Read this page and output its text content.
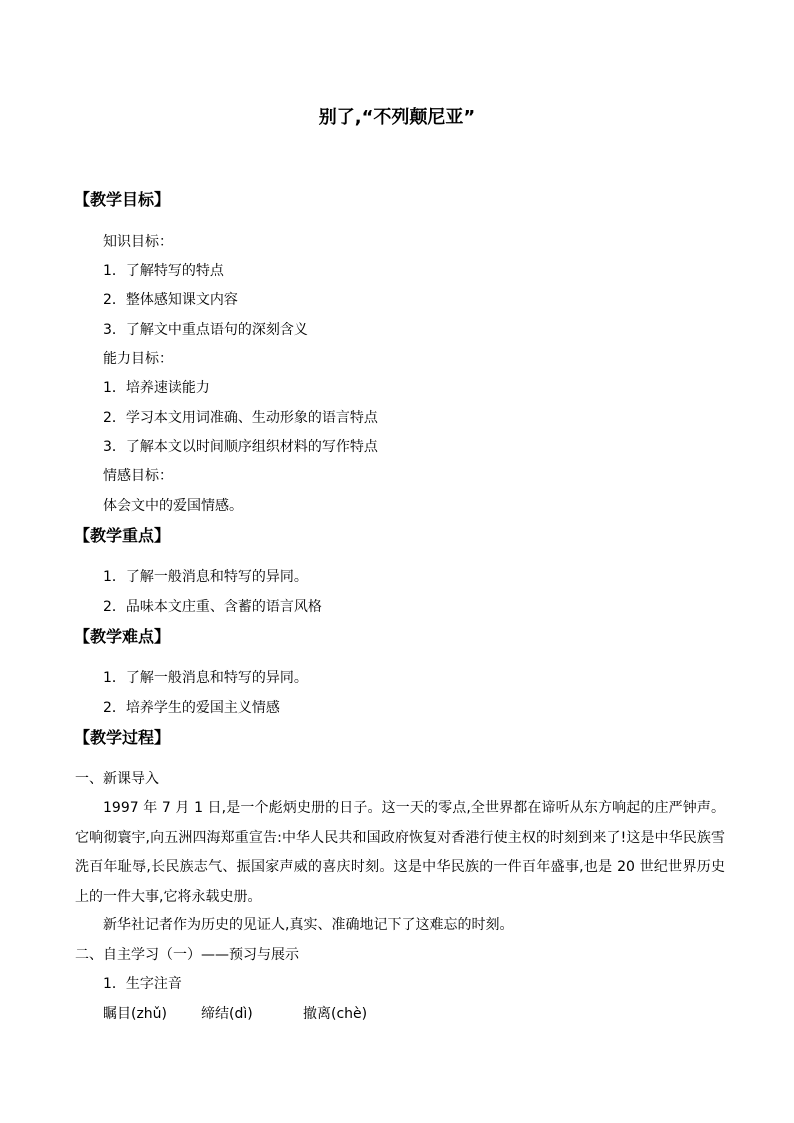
别了,“不列颠尼亚”
【教学目标】
知识目标：
1．了解特写的特点
2．整体感知课文内容
3．了解文中重点语句的深刻含义
能力目标：
1．培养速读能力
2．学习本文用词准确、生动形象的语言特点
3．了解本文以时间顺序组织材料的写作特点
情感目标：
体会文中的爱国情感。
【教学重点】
1．了解一般消息和特写的异同。
2．品味本文庄重、含蓄的语言风格
【教学难点】
1．了解一般消息和特写的异同。
2．培养学生的爱国主义情感
【教学过程】
一、新课导入
1997 年 7 月 1 日,是一个彪炳史册的日子。这一天的零点,全世界都在谛听从东方响起的庄严钟声。它响彻寰宇,向五洲四海郑重宣告:中华人民共和国政府恢复对香港行使主权的时刻到来了!这是中华民族雪洗百年耻辱,长民族志气、振国家声威的喜庆时刻。这是中华民族的一件百年盛事,也是 20 世纪世界历史上的一件大事,它将永载史册。
新华社记者作为历史的见证人,真实、准确地记下了这难忘的时刻。
二、自主学习（一）——预习与展示
1．生字注音
瞩目(zhǔ) 缔结(dì)	撤离(chè)
